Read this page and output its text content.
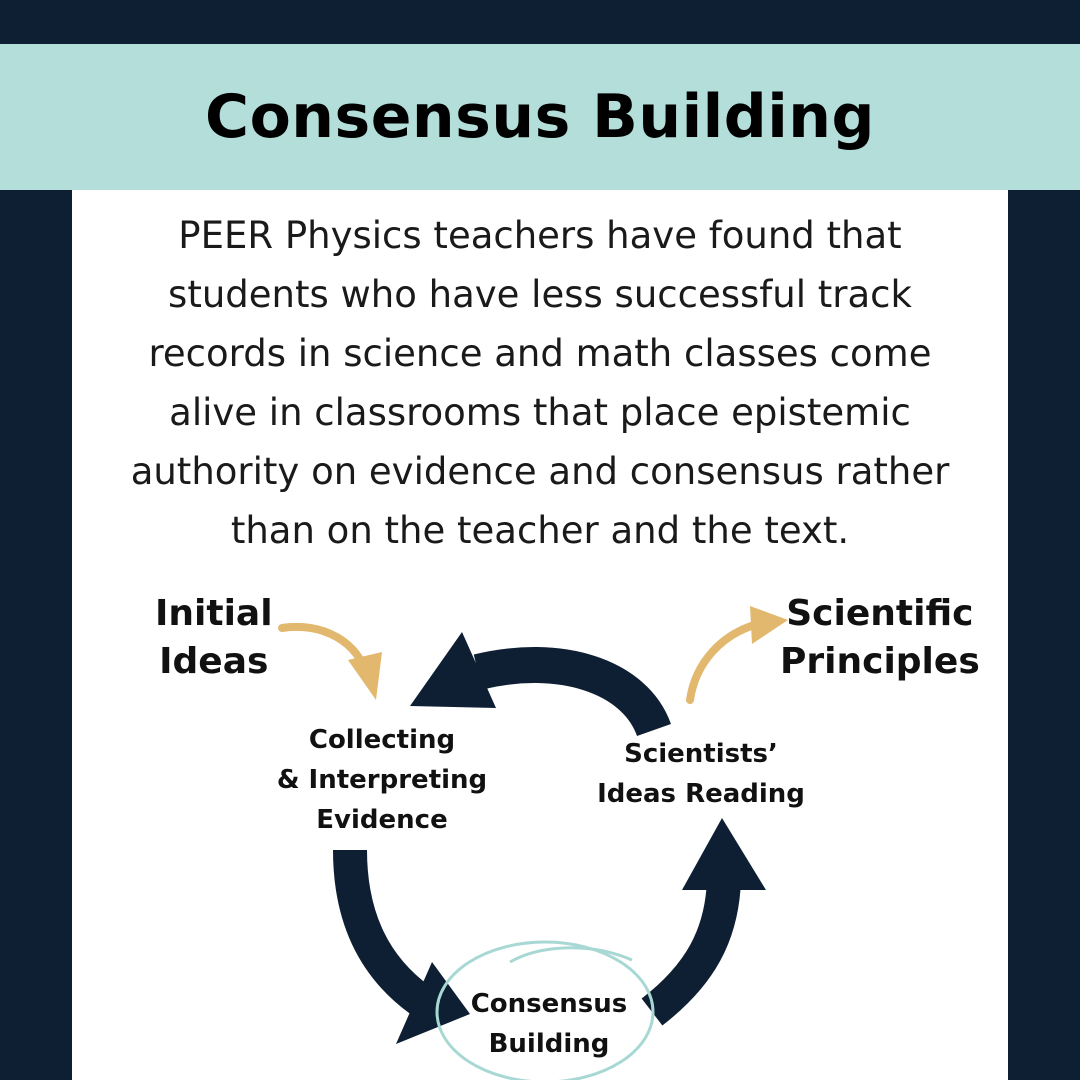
Consensus Building
PEER Physics teachers have found that
students who have less successful track
records in science and math classes come
alive in classrooms that place epistemic
authority on evidence and consensus rather
than on the teacher and the text.
Initial
Ideas
Scientific
Principles
Collecting
& Interpreting
Evidence
Scientists’
Ideas Reading
Consensus
Building
